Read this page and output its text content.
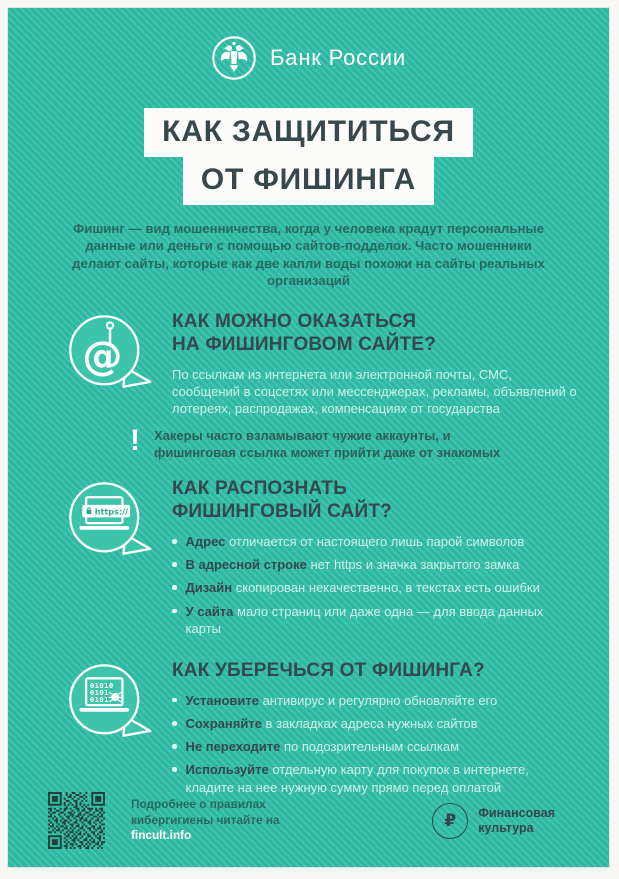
Банк России
КАК ЗАЩИТИТЬСЯ
ОТ ФИШИНГА

Фишинг — вид мошенничества, когда у человека крадут персональные данные или деньги с помощью сайтов-подделок. Часто мошенники делают сайты, которые как две капли воды похожи на сайты реальных организаций

@
КАК МОЖНО ОКАЗАТЬСЯ
НА ФИШИНГОВОМ САЙТЕ?

По ссылкам из интернета или электронной почты, СМС, сообщений в соцсетях или мессенджерах, рекламы, объявлений о лотереях, распродажах, компенсациях от государства

! Хакеры часто взламывают чужие аккаунты, и фишинговая ссылка может прийти даже от знакомых
https://
КАК РАСПОЗНАТЬ
ФИШИНГОВЫЙ САЙТ?
Адрес отличается от настоящего лишь парой символов
В адресной строке нет https и значка закрытого замка
Дизайн скопирован некачественно, в текстах есть ошибки
У сайта мало страниц или даже одна — для ввода данных карты
01010
0101
0101
КАК УБЕРЕЧЬСЯ ОТ ФИШИНГА?
Установите антивирус и регулярно обновляйте его
Сохраняйте в закладках адреса нужных сайтов
Не переходите по подозрительным ссылкам
Используйте отдельную карту для покупок в интернете, кладите на нее нужную сумму прямо перед оплатой

Подробнее о правилах кибергигиены читайте на fincult.info

₽	Финансовая
культура
